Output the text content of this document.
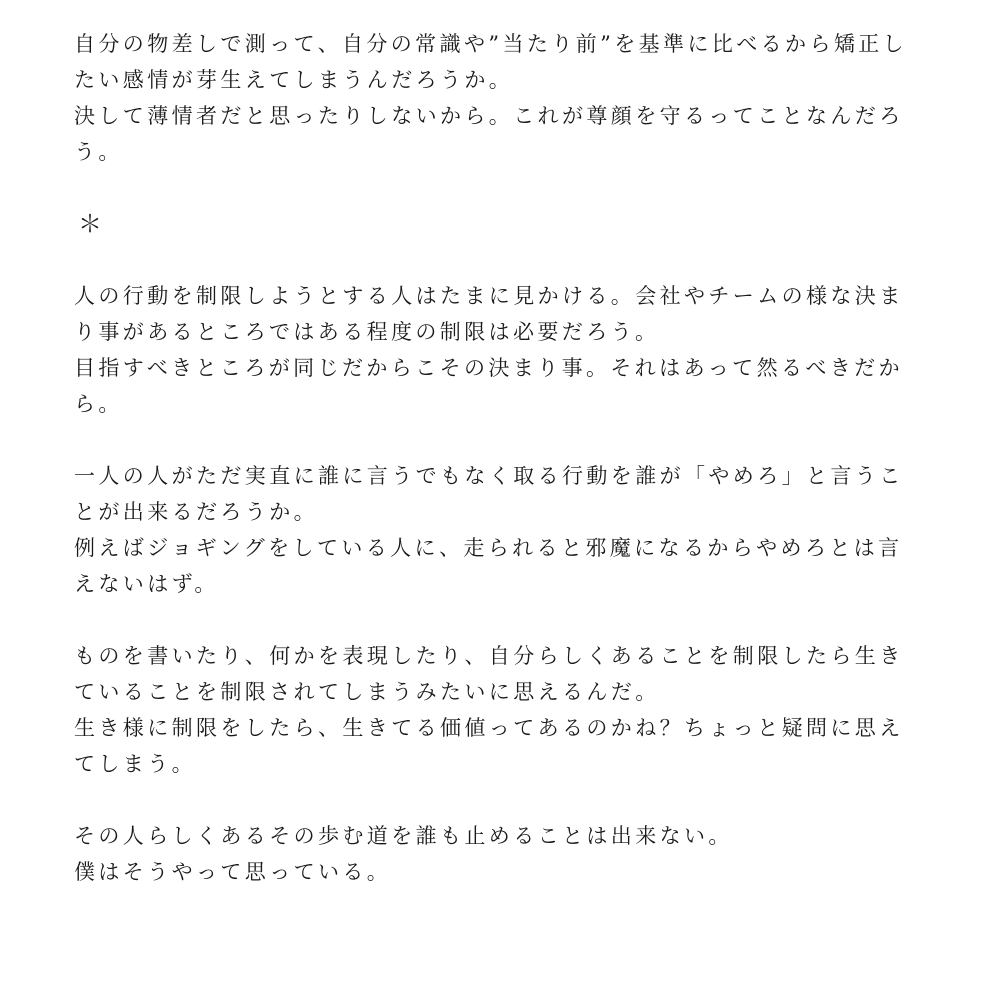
自分の物差しで測って、自分の常識や”当たり前”を基準に比べるから矯正し
たい感情が芽生えてしまうんだろうか。
決して薄情者だと思ったりしないから。これが尊顔を守るってことなんだろ
う。
＊
人の行動を制限しようとする人はたまに見かける。会社やチームの様な決ま
り事があるところではある程度の制限は必要だろう。
目指すべきところが同じだからこその決まり事。それはあって然るべきだか
ら。
一人の人がただ実直に誰に言うでもなく取る行動を誰が「やめろ」と言うこ
とが出来るだろうか。
例えばジョギングをしている人に、走られると邪魔になるからやめろとは言
えないはず。
ものを書いたり、何かを表現したり、自分らしくあることを制限したら生き
ていることを制限されてしまうみたいに思えるんだ。
生き様に制限をしたら、生きてる価値ってあるのかね？ちょっと疑問に思え
てしまう。
その人らしくあるその歩む道を誰も止めることは出来ない。
僕はそうやって思っている。
